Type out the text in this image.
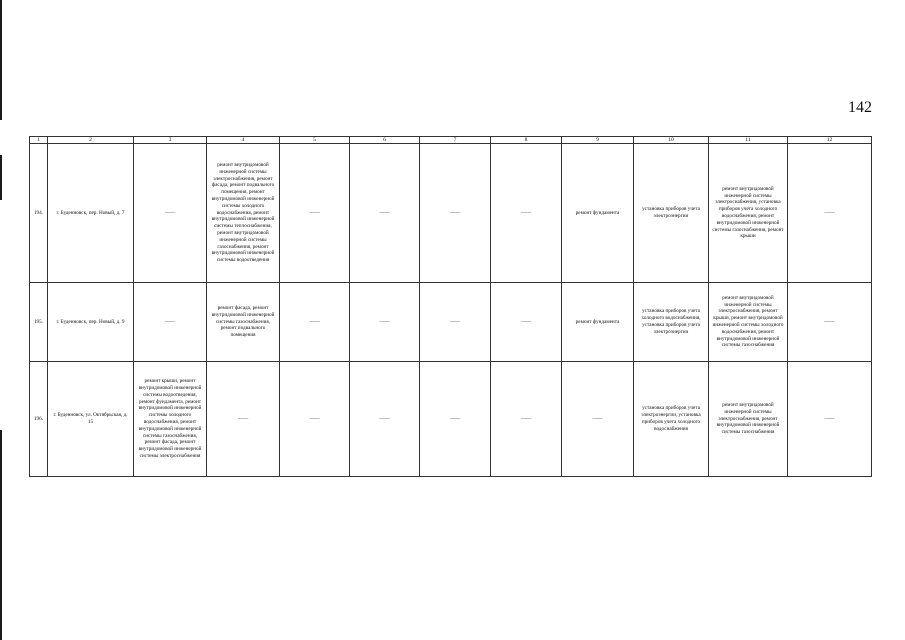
142
1	2	3	4	5	6	7	8	9	10	11	12
194.	г. Буденновск, пер. Новый, д. 7	——	ремонт внутридомовой инженерной системы электроснабжения, ремонт фасада, ремонт подвального помещения, ремонт внутридомовой инженерной системы холодного водоснабжения, ремонт внутридомовой инженерной системы теплоснабжения, ремонт внутридомовой инженерной системы газоснабжения, ремонт внутридомовой инженерной системы водоотведения	——	——	——	——	ремонт фундамента	установка приборов учета электроэнергии	ремонт внутридомовой инженерной системы электроснабжения, установка приборов учета холодного водоснабжения, ремонт внутридомовой инженерной системы газоснабжения, ремонт крыши	——
195.	г. Буденновск, пер. Новый, д. 9	——	ремонт фасада, ремонт внутридомовой инженерной системы газоснабжения, ремонт подвального помещения	——	——	——	——	ремонт фундамента	установка приборов учета холодного водоснабжения, установка приборов учета электроэнергии	ремонт внутридомовой инженерной системы электроснабжения, ремонт крыши, ремонт внутридомовой инженерной системы холодного водоснабжения, ремонт внутридомовой инженерной системы газоснабжения	——
196.	г. Буденновск, ул. Октябрьская, д. 15	ремонт крыши, ремонт внутридомовой инженерной системы водоотведения, ремонт фундамента, ремонт внутридомовой инженерной системы холодного водоснабжения, ремонт внутридомовой инженерной системы газоснабжения, ремонт фасада, ремонт внутридомовой инженерной системы электроснабжения	——	——	——	——	——	——	установка приборов учета электроэнергии, установка приборов учета холодного водоснабжения	ремонт внутридомовой инженерной системы электроснабжения, ремонт внутридомовой инженерной системы газоснабжения	——
